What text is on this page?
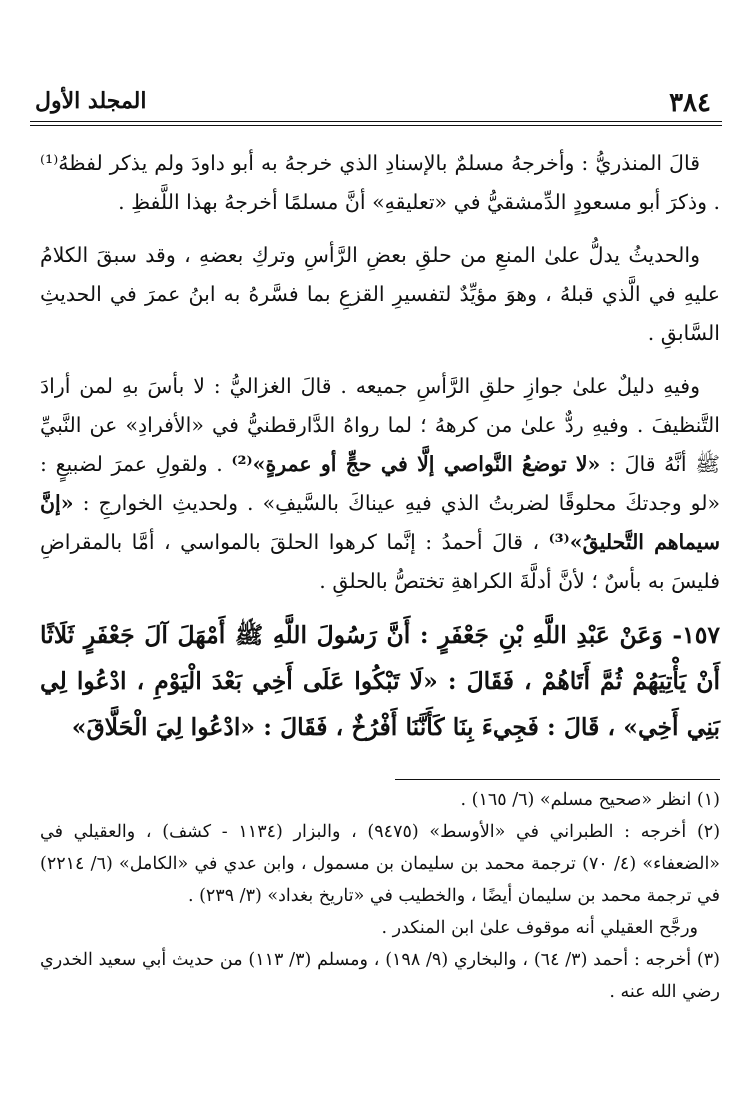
٣٨٤
المجلد الأول

قالَ المنذريُّ : وأخرجهُ مسلمٌ بالإسنادِ الذي خرجهُ به أبو داودَ ولم يذكر لفظهُ⁽¹⁾ . وذكرَ أبو مسعودٍ الدِّمشقيُّ في «تعليقهِ» أنَّ مسلمًا أخرجهُ بهذا اللَّفظِ .

والحديثُ يدلُّ علىٰ المنعِ من حلقِ بعضِ الرَّأسِ وتركِ بعضهِ ، وقد سبقَ الكلامُ عليهِ في الَّذي قبلهُ ، وهوَ مؤيِّدٌ لتفسيرِ القزعِ بما فسَّرهُ به ابنُ عمرَ في الحديثِ السَّابقِ .

وفيهِ دليلٌ علىٰ جوازِ حلقِ الرَّأسِ جميعه . قالَ الغزاليُّ : لا بأسَ بهِ لمن أرادَ التَّنظيفَ . وفيهِ ردٌّ علىٰ من كرههُ ؛ لما رواهُ الدَّارقطنيُّ في «الأفرادِ» عن النَّبيِّ ﷺ أنَّهُ قالَ : «لا توضعُ النَّواصي إلَّا في حجٍّ أو عمرةٍ»⁽²⁾ . ولقولِ عمرَ لضبيعٍ : «لو وجدتكَ محلوقًا لضربتُ الذي فيهِ عيناكَ بالسَّيفِ» . ولحديثِ الخوارجِ : «إنَّ سيماهم التَّحليقُ»⁽³⁾ ، قالَ أحمدُ : إنَّما كرهوا الحلقَ بالمواسي ، أمَّا بالمقراضِ فليسَ به بأسٌ ؛ لأنَّ أدلَّةَ الكراهةِ تختصُّ بالحلقِ .

١٥٧- وَعَنْ عَبْدِ اللَّهِ بْنِ جَعْفَرٍ : أَنَّ رَسُولَ اللَّهِ ﷺ أَمْهَلَ آلَ جَعْفَرٍ ثَلَاثًا أَنْ يَأْتِيَهُمْ ثُمَّ أَتَاهُمْ ، فَقَالَ : «لَا تَبْكُوا عَلَى أَخِي بَعْدَ الْيَوْمِ ، ادْعُوا لِي بَنِي أَخِي» ، قَالَ : فَجِيءَ بِنَا كَأَنَّنَا أَفْرُخٌ ، فَقَالَ : «ادْعُوا لِيَ الْحَلَّاقَ»

(١) انظر «صحيح مسلم» (٦/ ١٦٥) .

(٢) أخرجه : الطبراني في «الأوسط» (٩٤٧٥) ، والبزار (١١٣٤ - كشف) ، والعقيلي في «الضعفاء» (٤/ ٧٠) ترجمة محمد بن سليمان بن مسمول ، وابن عدي في «الكامل» (٦/ ٢٢١٤) في ترجمة محمد بن سليمان أيضًا ، والخطيب في «تاريخ بغداد» (٣/ ٢٣٩) .

ورجَّح العقيلي أنه موقوف علىٰ ابن المنكدر .

(٣) أخرجه : أحمد (٣/ ٦٤) ، والبخاري (٩/ ١٩٨) ، ومسلم (٣/ ١١٣) من حديث أبي سعيد الخدري رضي الله عنه .
